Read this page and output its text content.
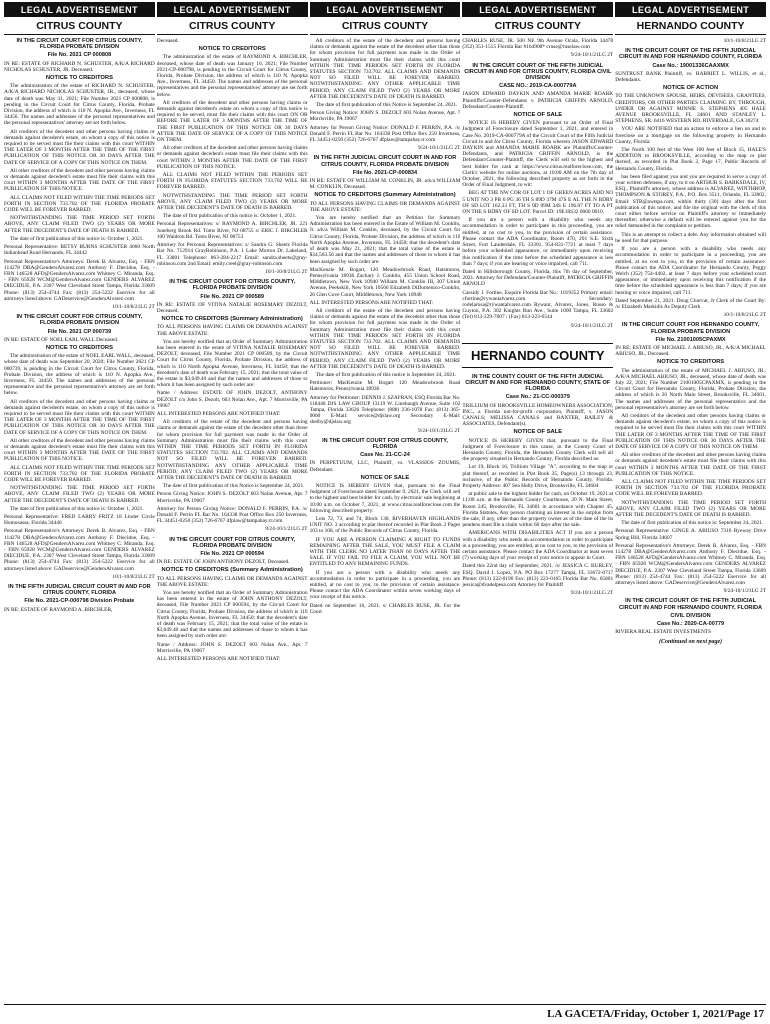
LEGAL ADVERTISEMENT
CITRUS COUNTY

IN THE CIRCUIT COURT FOR CITRUS COUNTY, FLORIDA PROBATE DIVISION

File No. 2021 CP 000808

IN RE: ESTATE OF RICHARD N. SCHUSTER, A/K/A RICHARD NICHOLAS SCHUSTER, JR. Deceased.

NOTICE TO CREDITORS

The administration of the estate of RICHARD N. SCHUSTER, A/K/A RICHARD NICHOLAS SCHUSTER, JR., deceased, whose date of death was May 31, 2021; File Number 2021 CP 000808, is pending in the Circuit Court for Citrus County, Florida, Probate Division, the address of which is 110 N. Apopka Ave., Inverness, FL 34450. The names and addresses of the personal representatives and the personal representatives' attorney are set forth below.

All creditors of the decedent and other persons having claims or demands against decedent's estate, on whom a copy of this notice is required to be served must file their claims with this court WITHIN THE LATER OF 3 MONTHS AFTER THE TIME OF THE FIRST PUBLICATION OF THIS NOTICE OR 30 DAYS AFTER THE DATE OF SERVICE OF A COPY OF THIS NOTICE ON THEM.

All other creditors of the decedent and other persons having claims or demands against decedent's estate must file their claims with this court WITHIN 3 MONTHS AFTER THE DATE OF THE FIRST PUBLICATION OF THIS NOTICE.

ALL CLAIMS NOT FILED WITHIN THE TIME PERIODS SET FORTH IN SECTION 733.702 OF THE FLORIDA PROBATE CODE WILL BE FOREVER BARRED.

NOTWITHSTANDING THE TIME PERIOD SET FORTH ABOVE, ANY CLAIM FILED TWO (2) YEARS OR MORE AFTER THE DECEDENT'S DATE OF DEATH IS BARRED.

The date of first publication of this notice is: October 1, 2021.

Personal Representative: BETSY BURNS SCHUSTER 4060 North Indianhead Road Hernando, FL 34442

Personal Representative's Attorneys: Derek B. Alvarez, Esq. - FBN 114278 DBA@GendersAlvarez.com Anthony F. Diecidue, Esq. - FBN 146528 AFD@GendersAlvarez.com Whitney C. Miranda, Esq. - FBN 65928 WCM@GendersAlvarez.com GENDERS ALVAREZ DIECIDUE, P.A. 2307 West Cleveland Street Tampa, Florida 33609 Phone: (813) 254-4744 Fax: (813) 254-5222 Eservice for all attorneys listed above: GADeservice@GendersAlvarez.com

10/1-10/8/21LG 2T

IN THE CIRCUIT COURT FOR CITRUS COUNTY, FLORIDA PROBATE DIVISION

File No. 2021 CP 000739

IN RE: ESTATE OF NOEL EARL WALL Deceased.

NOTICE TO CREDITORS

The administration of the estate of NOEL EARL WALL, deceased, whose date of death was September 20, 2020; File Number 2021 CP 000739, is pending in the Circuit Court for Citrus County, Florida, Probate Division, the address of which is 110 N. Apopka Ave., Inverness, FL 34450. The names and addresses of the personal representative and the personal representative's attorney are set forth below.

All creditors of the decedent and other persons having claims or demands against decedent's estate, on whom a copy of this notice is required to be served must file their claims with this court WITHIN THE LATER OF 3 MONTHS AFTER THE TIME OF THE FIRST PUBLICATION OF THIS NOTICE OR 30 DAYS AFTER THE DATE OF SERVICE OF A COPY OF THIS NOTICE ON THEM.

All other creditors of the decedent and other persons having claims or demands against decedent's estate must file their claims with this court WITHIN 3 MONTHS AFTER THE DATE OF THE FIRST PUBLICATION OF THIS NOTICE.

ALL CLAIMS NOT FILED WITHIN THE TIME PERIODS SET FORTH IN SECTION 733.702 OF THE FLORIDA PROBATE CODE WILL BE FOREVER BARRED.

NOTWITHSTANDING THE TIME PERIOD SET FORTH ABOVE, ANY CLAIM FILED TWO (2) YEARS OR MORE AFTER THE DECEDENT'S DATE OF DEATH IS BARRED.

The date of first publication of this notice is: October 1, 2021.

Personal Representative: FRED LARRY FRITZ 18 Linder Circle Homosassa, Florida 34446

Personal Representative's Attorneys: Derek B. Alvarez, Esq. - FBN 114278 DBA@GendersAlvarez.com Anthony F. Diecidue, Esq. - FBN 146528 AFD@GendersAlvarez.com Whitney C. Miranda, Esq. - FBN 65928 WCM@GendersAlvarez.com GENDERS ALVAREZ DIECIDUE, P.A. 2307 West Cleveland Street Tampa, Florida 33609 Phone: (813) 254-4744 Fax: (813) 254-5222 Eservice for all attorneys listed above: GADeservice@GendersAlvarez.com

10/1-10/8/21LG 2T

IN THE FIFTH JUDICIAL CIRCUIT COURT IN AND FOR CITRUS COUNTY, FLORIDA

File No. 2021-CP-000798 Division Probate

IN RE: ESTATE OF RAYMOND A. BIRCHLER,

LEGAL ADVERTISEMENT
CITRUS COUNTY

Deceased.

NOTICE TO CREDITORS

The administration of the estate of RAYMOND A. BIRCHLER, deceased, whose date of death was January 16, 2021; File Number 2021-CP-000798, is pending in the Circuit Court for Citrus County, Florida, Probate Division, the address of which is 110 N. Apopka Ave., Inverness, FL 34450. The names and addresses of the personal representatives and the personal representatives' attorney are set forth below.

All creditors of the decedent and other persons having claims or demands against decedent's estate on whom a copy of this notice is required to be served, must file their claims with this court ON OR BEFORE THE LATER OF 3 MONTHS AFTER THE TIME OF THE FIRST PUBLICATION OF THIS NOTICE OR 30 DAYS AFTER THE DATE OF SERVICE OF A COPY OF THIS NOTICE ON THEM.

All other creditors of the decedent and other persons having claims or demands against decedent's estate must file their claims with this court WITHIN 3 MONTHS AFTER THE DATE OF THE FIRST PUBLICATION OF THIS NOTICE.

ALL CLAIMS NOT FILED WITHIN THE PERIODS SET FORTH IN FLORIDA STATUTES SECTION 733.702 WILL BE FOREVER BARRED.

NOTWITHSTANDING THE TIME PERIOD SET FORTH ABOVE, ANY CLAIM FILED TWO (2) YEARS OR MORE AFTER THE DECEDENT'S DATE OF DEATH IS BARRED.

The date of first publication of this notice is: October 1, 2021.

Personal Representatives: s/ RAYMOND A. BIRCHLER, JR. 221 Juneberg Brook Rd. Toms River, NJ 08755 s/ ERIC J. BIRCHLER 100 Waldron Rd. Toms River, NJ 08753

Attorney for Personal Representatives: s/ Sandra G. Sheets Florida Bar No. 712914 GrayRobinson, P.A. 1 Lake Morton Dr. Lakeland, FL 33801 Telephone: 863-284-2217 Email: sandra.sheets@gray-robinson.com 2nd Email: emily.creel@gray-robinson.com

10/1-10/8/21LG 2T

IN THE CIRCUIT COURT FOR CITRUS COUNTY, FLORIDA PROBATE DIVISION

File No. 2021 CP 000589

IN RE: ESTATE OF VITINA NATALIE ROSEMARY DEZOLT, Deceased.

NOTICE TO CREDITORS (Summary Administration)

TO ALL PERSONS HAVING CLAIMS OR DEMANDS AGAINST THE ABOVE ESTATE:

You are hereby notified that an Order of Summary Administration has been entered in the estate of VITINA NATALIE ROSEMARY DEZOLT, deceased, File Number 2021 CP 000589, by the Circuit Court for Citrus County, Florida, Probate Division, the address of which is 110 North Apopka Avenue, Inverness, FL 34450; that the decedent's date of death was February 15, 2021; that the total value of the estate is $3,649.40 and that the names and addresses of those to whom it has been assigned by such order are:

Name / Address: ESTATE OF JOHN DEZOLT, ANTHONY DEZOLT c/o John S. Dezolt, 603 Nolan Ave., Apt. 7 Morrisville, PA 19067

ALL INTERESTED PERSONS ARE NOTIFIED THAT:

All creditors of the estate of the decedent and persons having claims or demands against the estate of the decedent other than those for whom provision for full payment was made in the Order of Summary Administration must file their claims with this court WITHIN THE TIME PERIODS SET FORTH IN FLORIDA STATUTES SECTION 733.702. ALL CLAIMS AND DEMANDS NOT SO FILED WILL BE FOREVER BARRED. NOTWITHSTANDING ANY OTHER APPLICABLE TIME PERIOD, ANY CLAIM FILED TWO (2) YEARS OR MORE AFTER THE DECEDENT'S DATE OF DEATH IS BARRED.

The date of first publication of this Notice is September 24, 2021.

Person Giving Notice: JOHN S. DEZOLT 603 Nolan Avenue, Apt. 7 Morrisville, PA 19067

Attorney for Person Giving Notice: DONALD F. PERRIN, P.A. /s/ Donald F. Perrin FL Bar No. 164338 Post Office Box 250 Inverness, FL 34451-0250 (352) 726-6767 dfplaw@tampabay.rr.com

9/24-10/1/21LG 2T

IN THE CIRCUIT COURT FOR CITRUS COUNTY, FLORIDA PROBATE DIVISION

File No. 2021 CP 000594

IN RE: ESTATE OF JOHN ANTHONY DEZOLT, Deceased.

NOTICE TO CREDITORS (Summary Administration)

TO ALL PERSONS HAVING CLAIMS OR DEMANDS AGAINST THE ABOVE ESTATE:

You are hereby notified that an Order of Summary Administration has been entered in the estate of JOHN ANTHONY DEZOLT, deceased, File Number 2021 CP 000594, by the Circuit Court for Citrus County, Florida, Probate Division, the address of which is 110 North Apopka Avenue, Inverness, FL 34450; that the decedent's date of death was February 15, 2021; that the total value of the estate is $3,649.40 and that the names and addresses of those to whom it has been assigned by such order are:

Name / Address: JOHN S. DEZOLT 603 Nolan Ave., Apt. 7 Morrisville, PA 19067

ALL INTERESTED PERSONS ARE NOTIFIED THAT:

LEGAL ADVERTISEMENT
CITRUS COUNTY

All creditors of the estate of the decedent and persons having claims or demands against the estate of the decedent other than those for whom provision for full payment was made in the Order of Summary Administration must file their claims with this court WITHIN THE TIME PERIODS SET FORTH IN FLORIDA STATUTES SECTION 733.702. ALL CLAIMS AND DEMANDS NOT SO FILED WILL BE FOREVER BARRED. NOTWITHSTANDING ANY OTHER APPLICABLE TIME PERIOD, ANY CLAIM FILED TWO (2) YEARS OR MORE AFTER THE DECEDENT'S DATE OF DEATH IS BARRED.

The date of first publication of this Notice is September 24, 2021.

Person Giving Notice: JOHN S. DEZOLT 603 Nolan Avenue, Apt. 7 Morrisville, PA 19067

Attorney for Person Giving Notice: DONALD F. PERRIN, P.A. /s/ Donald F. Perrin FL Bar No. 164338 Post Office Box 250 Inverness, FL 34451-0250 (352) 726-6767 dfplaw@tampabay.rr.com

9/24-10/1/21LG 2T

IN THE FIFTH JUDICIAL CIRCUIT COURT IN AND FOR CITRUS COUNTY, FLORIDA PROBATE DIVISION

File No. 2021-CP-000834

IN RE: ESTATE OF WILLIAM M. CONKLIN, JR. a/k/a WILLIAM M. CONKLIN, Deceased.

NOTICE TO CREDITORS (Summary Administration)

TO ALL PERSONS HAVING CLAIMS OR DEMANDS AGAINST THE ABOVE ESTATE:

You are hereby notified that an Petition for Summary Administration has been entered in the Estate of William M. Conklin, Jr. a/k/a William M. Conklin, deceased, by the Circuit Court for Citrus County, Florida, Probate Division, the address of which is 110 North Apopka Avenue, Inverness, FL 34450; that the decedent's date of death was May 21, 2021; that the total value of the estate is $34,563.56 and that the names and addresses of those to whom it has been assigned by such order are:

MacKenzie M. Bogart, 120 Meadowbrook Road, Hatsmoros, Pennsylvania 18936 Zachary J. Conklin, 455 Union School Road, Middletown, New York 10940 William M. Conklin III, 307 Union Avenue, Peekskill, New York 10566 Elizabeth DiDomenico-Conklin, 26 Glen Cove Court, Middletown, New York 10940

ALL INTERESTED PERSONS ARE NOTIFIED THAT:

All creditors of the estate of the decedent and persons having claims or demands against the estate of the decedent other than those for whom provision for full payment was made in the Order of Summary Administration must file their claims with this court WITHIN THE TIME PERIODS SET FORTH IN FLORIDA STATUTES SECTION 733.702. ALL CLAIMS AND DEMANDS NOT SO FILED WILL BE FOREVER BARRED. NOTWITHSTANDING ANY OTHER APPLICABLE TIME PERIOD, ANY CLAIM FILED TWO (2) YEARS OR MORE AFTER THE DECEDENT'S DATE OF DEATH IS BARRED.

The date of first publication of this notice is September 24, 2021.

Petitioner: MacKenzie M. Bogart 120 Meadowbrook Road Hatsmoros, Pennsylvania 18936

Attorney for Petitioner: DENNIS J. SZAFRAN, ESQ Florida Bar No. 118448 DJS LAW GROUP 13119 W. Linebaugh Avenue, Suite 102 Tampa, Florida 33626 Telephone: (888) 236-1078 Fax: (813) 365-0060 E-Mail: service@djslaw.org Secondary E-Mail: shelby@djslaw.org

9/24-10/1/21LG 2T

IN THE CIRCUIT COURT FOR CITRUS COUNTY, FLORIDA

Case No. 21-CC-24

IN PERPETUUM, LLC, Plaintiff, vs. VLASSIOS ZOUMIS, Defendant.

NOTICE OF SALE

NOTICE IS HEREBY GIVEN that, pursuant to the Final Judgment of Foreclosure dated September 9, 2021, the Clerk will sell to the highest and best bidder for cash, by electronic sale beginning at 10:00 a.m. on October 7, 2021, at www.citrus.realforeclose.com the following described property:

Lots 72, 73, and 74, Block 130, RIVERHAVEN HIGHLANDS UNIT NO. 3 according to plat thereof recorded in Plat Book 2 Pages 103 to 108, of the Public Records of Citrus County, Florida.

IF YOU ARE A PERSON CLAIMING A RIGHT TO FUNDS REMAINING AFTER THE SALE, YOU MUST FILE A CLAIM WITH THE CLERK NO LATER THAN 60 DAYS AFTER THE SALE. IF YOU FAIL TO FILE A CLAIM, YOU WILL NOT BE ENTITLED TO ANY REMAINING FUNDS.

If you are a person with a disability who needs any accommodation in order to participate in a proceeding, you are entitled, at no cost to you, to the provision of certain assistance. Please contact the ADA Coordinator within seven working days of your receipt of this notice.

Dated on September 16, 2021. s/ CHARLES RUSE, JR. For the Court

LEGAL ADVERTISEMENT
CITRUS COUNTY

CHARLES RUSE, JR. 500 NE 9th Avenue Ocala, Florida 34470 (352) 351-1515 Florida Bar #164908* cruse@ruselaw.com

9/24-10/1/21LG 2T

IN THE CIRCUIT COURT OF THE FIFTH JUDICIAL CIRCUIT IN AND FOR CITRUS COUNTY, FLORIDA CIVIL DIVISION

CASE NO.: 2019-CA-000779A

JASON EDWARD DAYKIN AND AMANDA MARIE ROARK Plaintiffs/Counter-Defendants v. PATRICIA GRIFFIN ARNOLD, Defendant/Counter-Plaintiff.

NOTICE OF SALE

NOTICE IS HEREBY GIVEN pursuant to an Order of Final Judgment of Foreclosure dated September 1, 2021, and entered in Case No. 2019-CA-000779A of the Circuit Court of the Fifth Judicial Circuit in and for Citrus County, Florida wherein JASON EDWARD DAYKIN and AMANDA MARIE ROARK are Plaintiffs/Counter-Defendants, and PATRICIA GRIFFIN ARNOLD, is the Defendant/Counter-Plaintiff, the Clerk will sell to the highest and best bidder for cash at https://www.citrus.realforeclose.com, the Clerk's website for online auctions, at 10:00 AM on the 7th day of October, 2021, the following described property as set forth in the Order of Final Judgment, to wit:

BEG AT THE NW COR OF LOT 1 OF GREEN ACRES ADD NO 5 UNIT NO 3 PB 6 PG 36 TH S 89D 37M 47S E AL THE N BDRY OF SD LOT 162.33 FT, TH S 0D 09M 34S E 196.07 FT TO A PT ON THE S BDRY OF SD LOT. Parcel ID: 19E18S32 0060 0010.

If you are a person with a disability who needs any accommodation in order to participate in this proceeding, you are entitled, at no cost to you, to the provision of certain assistance. Please contact the ADA Coordinator, Room 470, 201 S.E. Sixth Street, Fort Lauderdale, FL 33301, 954-831-7721 at least 7 days before your scheduled appearance, or immediately upon receiving this notification if the time before the scheduled appearance is less than 7 days; if you are hearing or voice impaired, call 711.

Dated in Hillsborough County, Florida, this 7th day of September, 2021. Attorney for Defendant/Counter-Plaintiff, PATRICIA GRIFFIN ARNOLD

Cassidy J. Fortine, Esquire Florida Bar No.: 1019352 Primary email: cfortine@rywantalvarez.com Secondary: rodelarosa@rywantalvarez.com Rywant, Alvarez, Jones, Russo & Guyton, P.A. 302 Knights Run Ave., Suite 1000 Tampa, FL 33602 (Tel) 813-229-7007 / (Fax) 813-223-6544

9/24-10/1/21LG 2T

HERNANDO COUNTY

IN THE COUNTY COURT OF THE FIFTH JUDICIAL CIRCUIT IN AND FOR HERNANDO COUNTY, STATE OF FLORIDA

Case No.: 21-CC-000379

TRILLIUM OF BROOKSVILLE HOMEOWNERS ASSOCIATION, INC., a Florida not-for-profit corporation, Plaintiff, v. JASON CANALS; MELISSA CANALS and BAXTER, BAILEY & ASSOCIATES, Defendant(s).

NOTICE OF SALE

NOTICE IS HEREBY GIVEN that, pursuant to the Final Judgment of Foreclosure in this cause, in the County Court of Hernando County, Florida, the Hernando County Clerk will sell all the property situated in Hernando County, Florida described as:

Lot 19, Block 16, Trillium Village "A", according to the map or plat thereof, as recorded in Plat Book 35, Page(s) 13 through 23, inclusive, of the Public Records of Hernando County, Florida. Property Address: 407 Sea Holly Drive, Brooksville, FL 34604

at public sale to the highest bidder for cash, on October 19, 2021 at 11:00 a.m. at the Hernando County Courthouse, 20 N. Main Street, Room 245, Brooksville, FL 34601 in accordance with Chapter 45, Florida Statutes. Any person claiming an interest in the surplus from the sale, if any, other than the property owner as of the date of the lis pendens must file a claim within 60 days after the sale.

AMERICANS WITH DISABILITIES ACT If you are a person with a disability who needs an accommodation in order to participate in a proceeding, you are entitled, at no cost to you, to the provision of certain assistance. Please contact the ADA Coordinator at least seven (7) working days of your receipt of your notice to appear in Court.

Dated this 22nd day of September, 2021. /s/ JESSICA C. BURLEY, ESQ. David J. Lopez, P.A. PO Box 17277 Tampa, FL 33672-0717 Phone: (813) 222-0190 Fax: (813) 223-0165 Florida Bar No. 65801 jessica@dvadelpesa.com Attorney for Plaintiff

9/24-10/1/21LG 2T

LEGAL ADVERTISEMENT
HERNANDO COUNTY

10/1-10/8/21LG 2T

IN THE CIRCUIT COURT OF THE FIFTH JUDICIAL CIRCUIT IN AND FOR HERNANDO COUNTY, FLORIDA

Case No.: 19001336CAAXMX

SUNTRUST BANK Plaintiff, vs. HARRIET L. WILLIS, et al., Defendants.

NOTICE OF ACTION

TO THE UNKNOWN SPOUSE, HEIRS, DEVISEES, GRANTEES, CREDITORS, OR OTHER PARTIES CLAIMING BY, THROUGH, UNDER OR AGAINST MINNIE S. STEPHENS 405 HALE AVENUE BROOKSVILLE, FL 34601 AND STANLEY L. STEPHENS, SR. 6416 WESTERN RD. RIVERDALE, GA 30274

YOU ARE NOTIFIED that an action to enforce a lien on and to foreclose on a mortgage on the following property in Hernando County, Florida:

The North 100 feet of the West 100 feet of Block 15, HALE'S ADDITION to BROOKSVILLE, according to the map or plat thereof, as recorded in Plat Book 2, Page 17, Public Records of Hernando County, Florida.

has been filed against you and you are required to serve a copy of your written defenses, if any, to it on ARTHUR S. BARKSDALE, IV, ESQ., Plaintiff's attorney, whose address is ALVAREZ, WINTHROP, THOMPSON & STOREY, P.A., P.O. Box 3511, Orlando, FL 32802, Email: STB@awtspa.com, within thirty (30) days after the first publication of this notice, and file the original with the clerk of this court either before service on Plaintiff's attorney or immediately thereafter; otherwise a default will be entered against you for the relief demanded in the complaint or petition.

This is an attempt to collect a debt. Any information obtained will be used for that purpose.

If you are a person with a disability who needs any accommodation in order to participate in a proceeding, you are entitled, at no cost to you, to the provision of certain assistance. Please contact the ADA Coordinator for Hernando County, Peggy Welch (352) 754-4402, at least 7 days before your scheduled court appearance, or immediately upon receiving this notification if the time before the scheduled appearance is less than 7 days; if you are hearing or voice impaired, call 711.

Dated September 21, 2021. Doug Chorvat, Jr Clerk of the Court By: /s/ Elizabeth Markidis As Deputy Clerk

10/1-10/8/21LG 2T

IN THE CIRCUIT COURT FOR HERNANDO COUNTY, FLORIDA PROBATE DIVISION

File No. 21001005CPAXMX

IN RE: ESTATE OF MICHAEL J. ABIUSO, JR., A/K/A MICHAEL ABIUSO, JR., Deceased.

NOTICE TO CREDITORS

The administration of the estate of MICHAEL J. ABIUSO, JR., A/K/A MICHAEL ABIUSO, JR., deceased, whose date of death was July 22, 2021; File Number 21001005CPAXMX, is pending in the Circuit Court for Hernando County, Florida, Probate Division, the address of which is 20 North Main Street, Brooksville, FL 34601. The names and addresses of the personal representative and the personal representative's attorney are set forth below.

All creditors of the decedent and other persons having claims or demands against decedent's estate, on whom a copy of this notice is required to be served must file their claims with this court WITHIN THE LATER OF 3 MONTHS AFTER THE TIME OF THE FIRST PUBLICATION OF THIS NOTICE OR 30 DAYS AFTER THE DATE OF SERVICE OF A COPY OF THIS NOTICE ON THEM.

All other creditors of the decedent and other persons having claims or demands against decedent's estate must file their claims with this court WITHIN 3 MONTHS AFTER THE DATE OF THE FIRST PUBLICATION OF THIS NOTICE.

ALL CLAIMS NOT FILED WITHIN THE TIME PERIODS SET FORTH IN SECTION 733.702 OF THE FLORIDA PROBATE CODE WILL BE FOREVER BARRED.

NOTWITHSTANDING THE TIME PERIOD SET FORTH ABOVE, ANY CLAIM FILED TWO (2) YEARS OR MORE AFTER THE DECEDENT'S DATE OF DEATH IS BARRED.

The date of first publication of this notice is: September 24, 2021.

Personal Representative: GINGE A. ABIUSO 7316 Ryeway Drive Spring Hill, Florida 34607

Personal Representative's Attorneys: Derek B. Alvarez, Esq. - FBN 114278 DBA@GendersAlvarez.com Anthony F. Diecidue, Esq. - FBN 146528 AFD@GendersAlvarez.com Whitney C. Miranda, Esq. - FBN 65928 WCM@GendersAlvarez.com GENDERS ALVAREZ DIECIDUE, P.A. 2307 West Cleveland Street Tampa, Florida 33609 Phone: (813) 254-4744 Fax: (813) 254-5222 Eservice for all attorneys listed above: GADeservice@GendersAlvarez.com

9/24-10/1/21LG 2T

IN THE CIRCUIT COURT OF THE FIFTH JUDICIAL CIRCUIT IN AND FOR HERNANDO COUNTY, FLORIDA

CIVIL DIVISION

Case No.: 2020-CA-00779

RIVIERA REAL ESTATE INVESTMENTS

(Continued on next page)
LA GACETA/Friday, October 1, 2021/Page 17
